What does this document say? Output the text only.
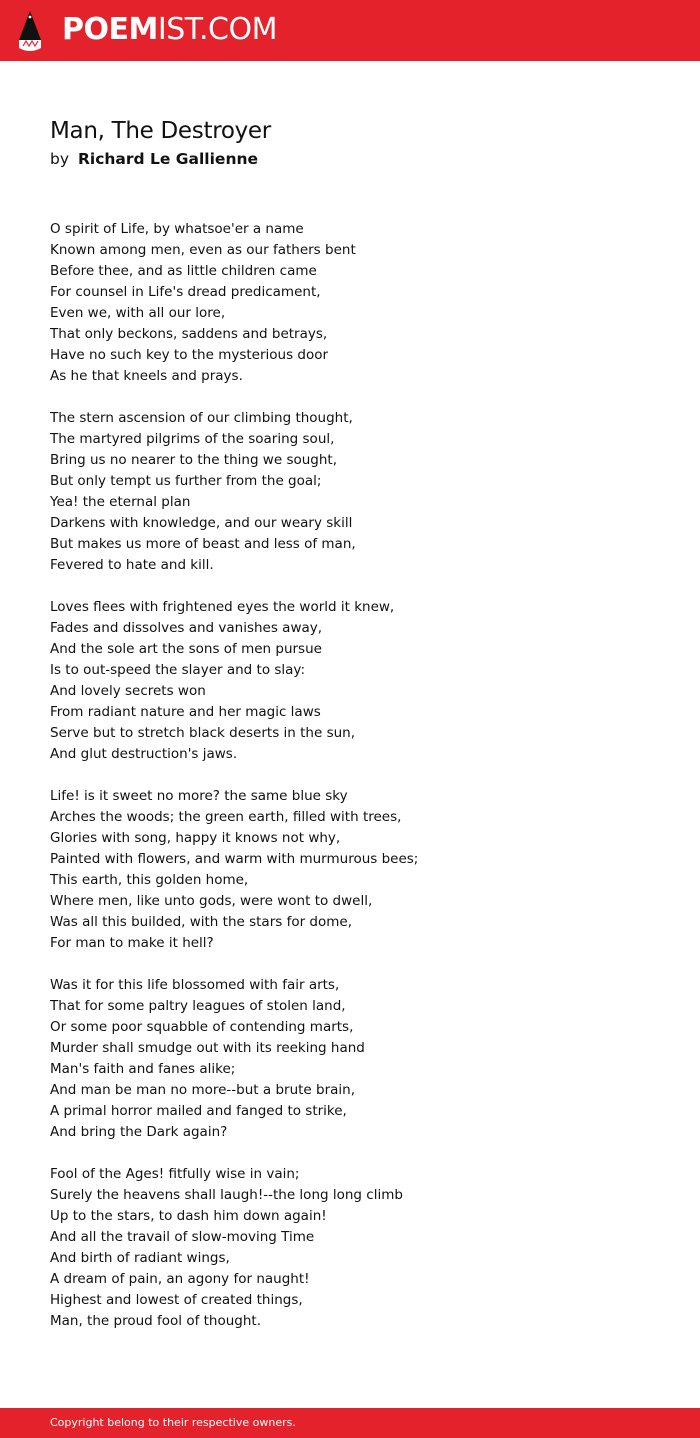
POEMIST.COM
Man, The Destroyer
by Richard Le Gallienne
O spirit of Life, by whatsoe'er a name
Known among men, even as our fathers bent
Before thee, and as little children came
For counsel in Life's dread predicament,
Even we, with all our lore,
That only beckons, saddens and betrays,
Have no such key to the mysterious door
As he that kneels and prays.
The stern ascension of our climbing thought,
The martyred pilgrims of the soaring soul,
Bring us no nearer to the thing we sought,
But only tempt us further from the goal;
Yea! the eternal plan
Darkens with knowledge, and our weary skill
But makes us more of beast and less of man,
Fevered to hate and kill.
Loves flees with frightened eyes the world it knew,
Fades and dissolves and vanishes away,
And the sole art the sons of men pursue
Is to out-speed the slayer and to slay:
And lovely secrets won
From radiant nature and her magic laws
Serve but to stretch black deserts in the sun,
And glut destruction's jaws.
Life! is it sweet no more? the same blue sky
Arches the woods; the green earth, filled with trees,
Glories with song, happy it knows not why,
Painted with flowers, and warm with murmurous bees;
This earth, this golden home,
Where men, like unto gods, were wont to dwell,
Was all this builded, with the stars for dome,
For man to make it hell?
Was it for this life blossomed with fair arts,
That for some paltry leagues of stolen land,
Or some poor squabble of contending marts,
Murder shall smudge out with its reeking hand
Man's faith and fanes alike;
And man be man no more--but a brute brain,
A primal horror mailed and fanged to strike,
And bring the Dark again?
Fool of the Ages! fitfully wise in vain;
Surely the heavens shall laugh!--the long long climb
Up to the stars, to dash him down again!
And all the travail of slow-moving Time
And birth of radiant wings,
A dream of pain, an agony for naught!
Highest and lowest of created things,
Man, the proud fool of thought.
Copyright belong to their respective owners.
